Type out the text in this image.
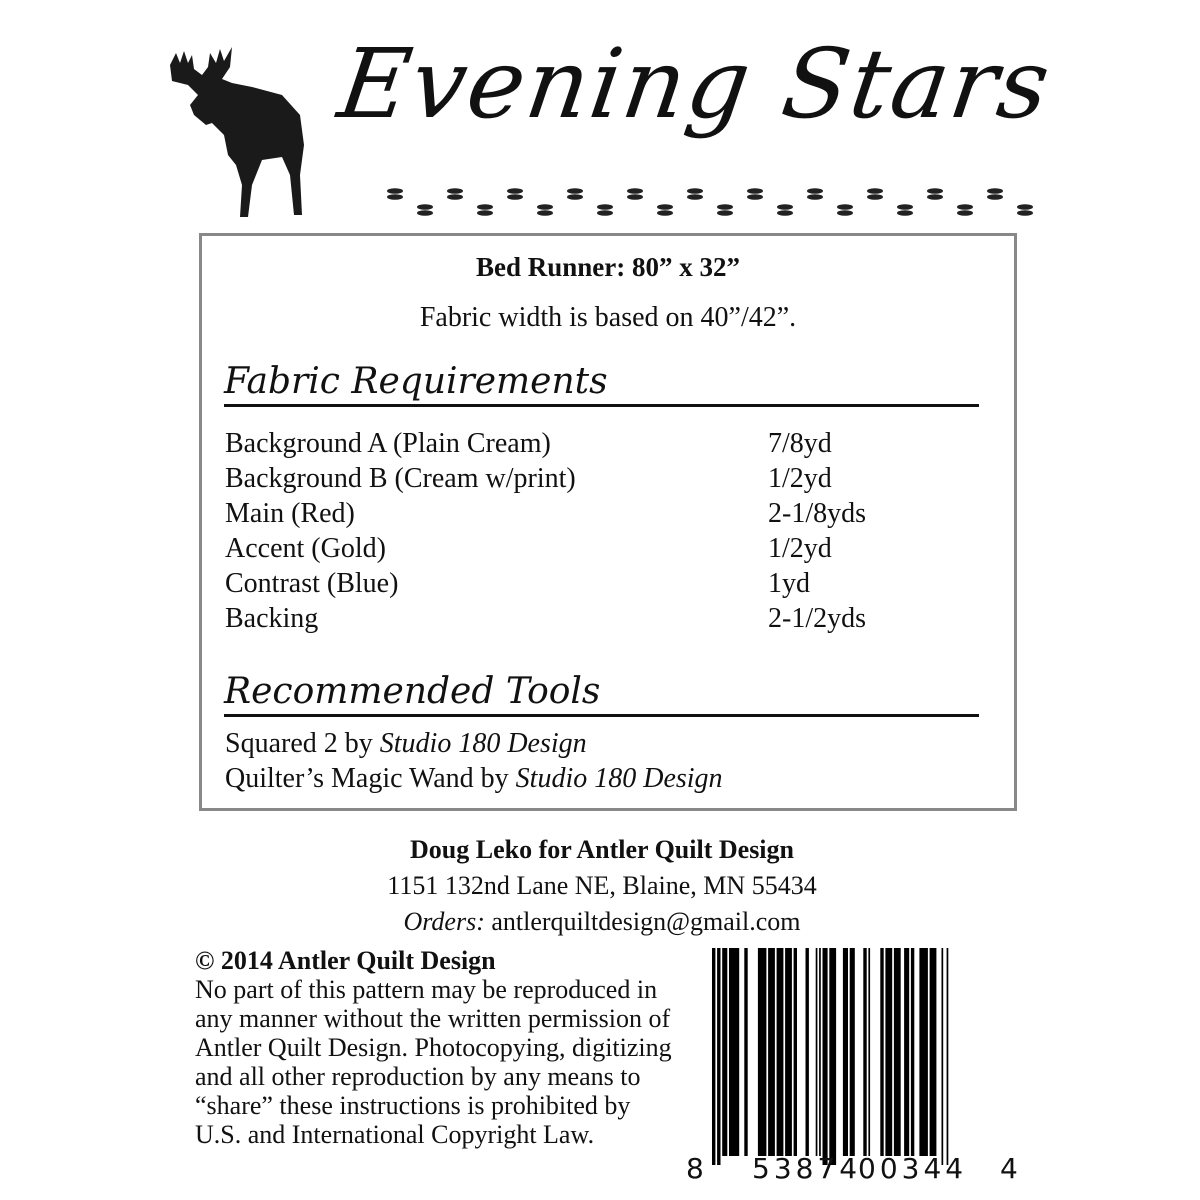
Evening Stars
Bed Runner: 80” x 32”
Fabric width is based on 40”/42”.
Fabric Requirements
Background A (Plain Cream)	7/8yd
Background B (Cream w/print)	1/2yd
Main (Red)	2-1/8yds
Accent (Gold)	1/2yd
Contrast (Blue)	1yd
Backing	2-1/2yds
Recommended Tools
Squared 2 by Studio 180 Design
Quilter’s Magic Wand by Studio 180 Design
Doug Leko for Antler Quilt Design
1151 132nd Lane NE, Blaine, MN 55434
Orders: antlerquiltdesign@gmail.com
© 2014 Antler Quilt Design
No part of this pattern may be reproduced in any manner without the written permission of Antler Quilt Design. Photocopying, digitizing and all other reproduction by any means to “share” these instructions is prohibited by U.S. and International Copyright Law.
8 53874
00344 4
